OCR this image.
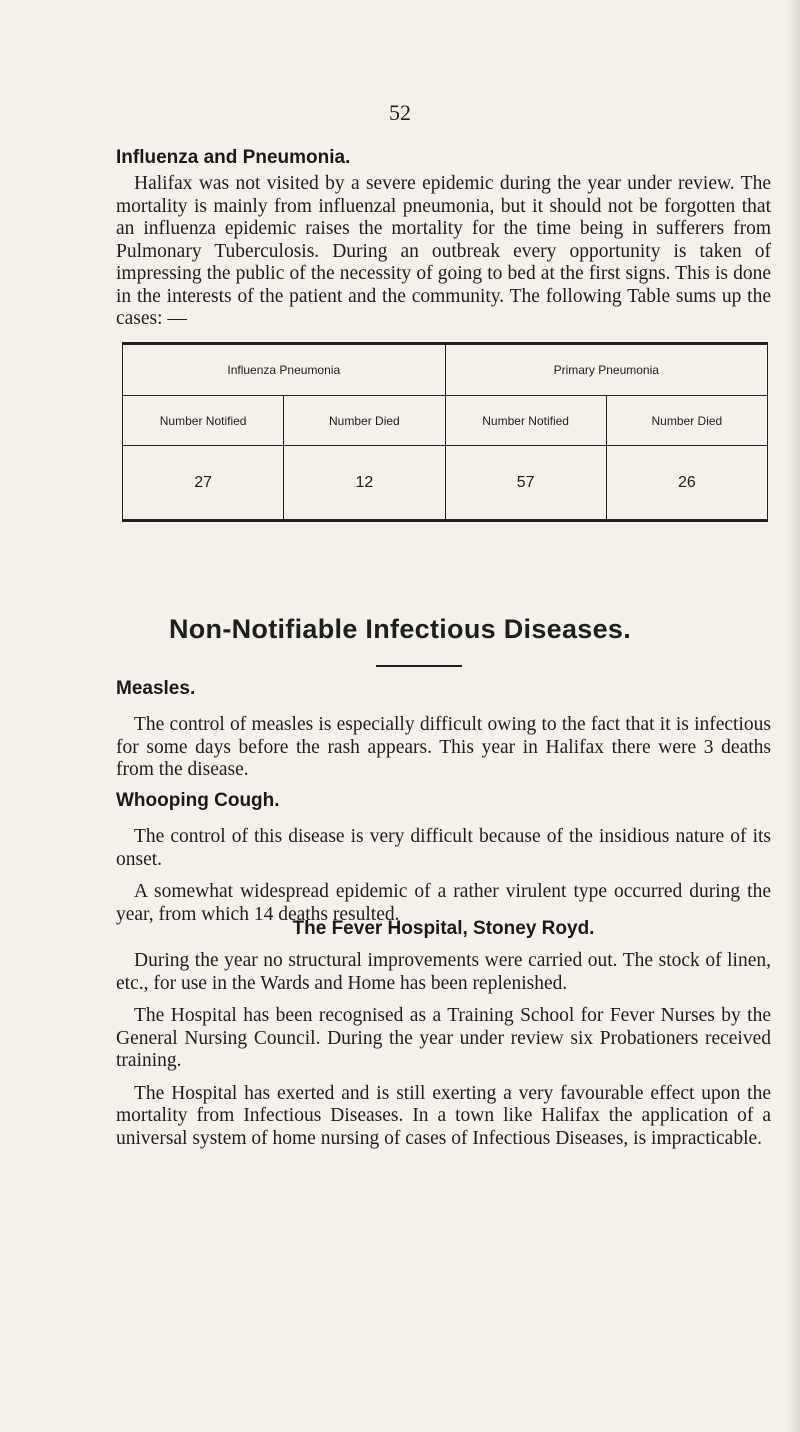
52
Influenza and Pneumonia.

Halifax was not visited by a severe epidemic during the year under review. The mortality is mainly from influenzal pneumonia, but it should not be forgotten that an influenza epidemic raises the mortality for the time being in sufferers from Pulmonary Tuberculosis. During an outbreak every opportunity is taken of impressing the public of the necessity of going to bed at the first signs. This is done in the interests of the patient and the community. The following Table sums up the cases: —

Influenza Pneumonia		Primary Pneumonia	
Number Notified	Number Died	Number Notified	Number Died
27	12	57	26
Non-Notifiable Infectious Diseases.
Measles.

The control of measles is especially difficult owing to the fact that it is infectious for some days before the rash appears. This year in Halifax there were 3 deaths from the disease.

Whooping Cough.

The control of this disease is very difficult because of the insidious nature of its onset.

A somewhat widespread epidemic of a rather virulent type occurred during the year, from which 14 deaths resulted.

The Fever Hospital, Stoney Royd.

During the year no structural improvements were carried out. The stock of linen, etc., for use in the Wards and Home has been replenished.

The Hospital has been recognised as a Training School for Fever Nurses by the General Nursing Council. During the year under review six Probationers received training.

The Hospital has exerted and is still exerting a very favourable effect upon the mortality from Infectious Diseases. In a town like Halifax the application of a universal system of home nursing of cases of Infectious Diseases, is impracticable.
